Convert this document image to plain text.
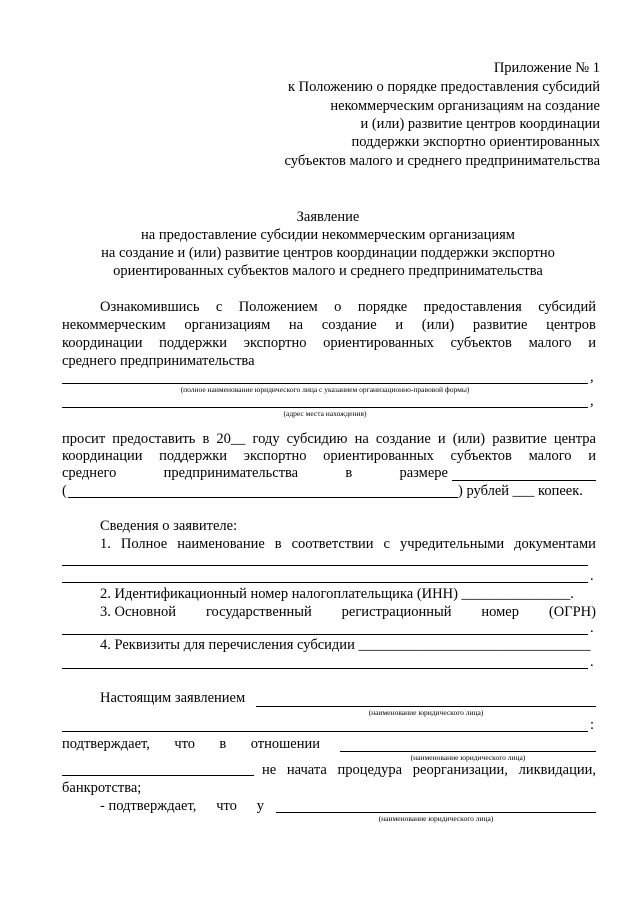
Приложение № 1
к Положению о порядке предоставления субсидий
некоммерческим организациям на создание
и (или) развитие центров координации
поддержки экспортно ориентированных
субъектов малого и среднего предпринимательства
Заявление
на предоставление субсидии некоммерческим организациям
на создание и (или) развитие центров координации поддержки экспортно
ориентированных субъектов малого и среднего предпринимательства
Ознакомившись с Положением о порядке предоставления субсидий
некоммерческим организациям на создание и (или) развитие центров
координации поддержки экспортно ориентированных субъектов малого и
среднего предпринимательства
,
(полное наименование юридического лица с указанием организационно-правовой формы)
,
(адрес места нахождения)
просит предоставить в 20__ году субсидию на создание и (или) развитие центра
координации поддержки экспортно ориентированных субъектов малого и
среднего	предпринимательства	в	размере
(	) рублей ___ копеек.
Сведения о заявителе:
1. Полное наименование в соответствии с учредительными документами
.
2. Идентификационный номер налогоплательщика (ИНН) _______________.
3. Основной государственный регистрационный номер (ОГРН)
.
4. Реквизиты для перечисления субсидии ________________________________
.
Настоящим заявлением
(наименование юридического лица)
:
подтверждает, что в отношении
(наименование юридического лица)
не начата процедура реорганизации, ликвидации,
банкротства;
- подтверждает, что у
(наименование юридического лица)
